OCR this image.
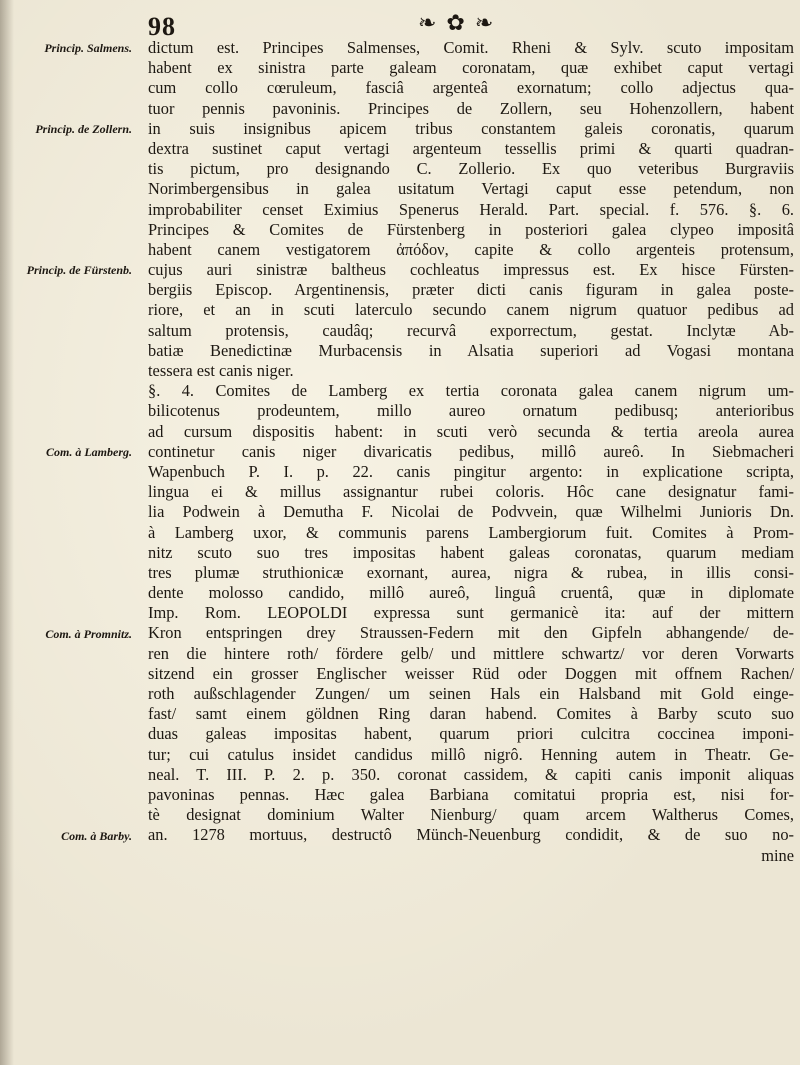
98	❧✿❧
Princip. Salmens.
Princip. de Zollern.
Princip. de Fürstenb.
Com. à Lamberg.
Com. à Promnitz.
Com. à Barby.
dictum est. Principes Salmenses, Comit. Rheni & Sylv. scuto impositam
habent ex sinistra parte galeam coronatam, quæ exhibet caput vertagi
cum collo cœruleum, fasciâ argenteâ exornatum; collo adjectus qua-
tuor pennis pavoninis. Principes de Zollern, seu Hohenzollern, habent
in suis insignibus apicem tribus constantem galeis coronatis, quarum
dextra sustinet caput vertagi argenteum tessellis primi & quarti quadran-
tis pictum, pro designando C. Zollerio. Ex quo veteribus Burgraviis
Norimbergensibus in galea usitatum Vertagi caput esse petendum, non
improbabiliter censet Eximius Spenerus Herald. Part. special. f. 576. §. 6.
Principes & Comites de Fürstenberg in posteriori galea clypeo impositâ
habent canem vestigatorem ἀπόδον, capite & collo argenteis protensum,
cujus auri sinistræ baltheus cochleatus impressus est. Ex hisce Fürsten-
bergiis Episcop. Argentinensis, præter dicti canis figuram in galea poste-
riore, et an in scuti laterculo secundo canem nigrum quatuor pedibus ad
saltum protensis, caudâq; recurvâ exporrectum, gestat. Inclytæ Ab-
batiæ Benedictinæ Murbacensis in Alsatia superiori ad Vogasi montana
tessera est canis niger.
§. 4. Comites de Lamberg ex tertia coronata galea canem nigrum um-
bilicotenus prodeuntem, millo aureo ornatum pedibusq; anterioribus
ad cursum dispositis habent: in scuti verò secunda & tertia areola aurea
continetur canis niger divaricatis pedibus, millô aureô. In Siebmacheri
Wapenbuch P. I. p. 22. canis pingitur argento: in explicatione scripta,
lingua ei & millus assignantur rubei coloris. Hôc cane designatur fami-
lia Podwein à Demutha F. Nicolai de Podvvein, quæ Wilhelmi Junioris Dn.
à Lamberg uxor, & communis parens Lambergiorum fuit. Comites à Prom-
nitz scuto suo tres impositas habent galeas coronatas, quarum mediam
tres plumæ struthionicæ exornant, aurea, nigra & rubea, in illis consi-
dente molosso candido, millô aureô, linguâ cruentâ, quæ in diplomate
Imp. Rom. LEOPOLDI expressa sunt germanicè ita: auf der mittern
Kron entspringen drey Straussen-Federn mit den Gipfeln abhangende/ de-
ren die hintere roth/ fördere gelb/ und mittlere schwartz/ vor deren Vorwarts
sitzend ein grosser Englischer weisser Rüd oder Doggen mit offnem Rachen/
roth außschlagender Zungen/ um seinen Hals ein Halsband mit Gold einge-
fast/ samt einem göldnen Ring daran habend. Comites à Barby scuto suo
duas galeas impositas habent, quarum priori culcitra coccinea imponi-
tur; cui catulus insidet candidus millô nigrô. Henning autem in Theatr. Ge-
neal. T. III. P. 2. p. 350. coronat cassidem, & capiti canis imponit aliquas
pavoninas pennas. Hæc galea Barbiana comitatui propria est, nisi for-
tè designat dominium Walter Nienburg/ quam arcem Waltherus Comes,
an. 1278 mortuus, destructô Münch-Neuenburg condidit, & de suo no-
mine
